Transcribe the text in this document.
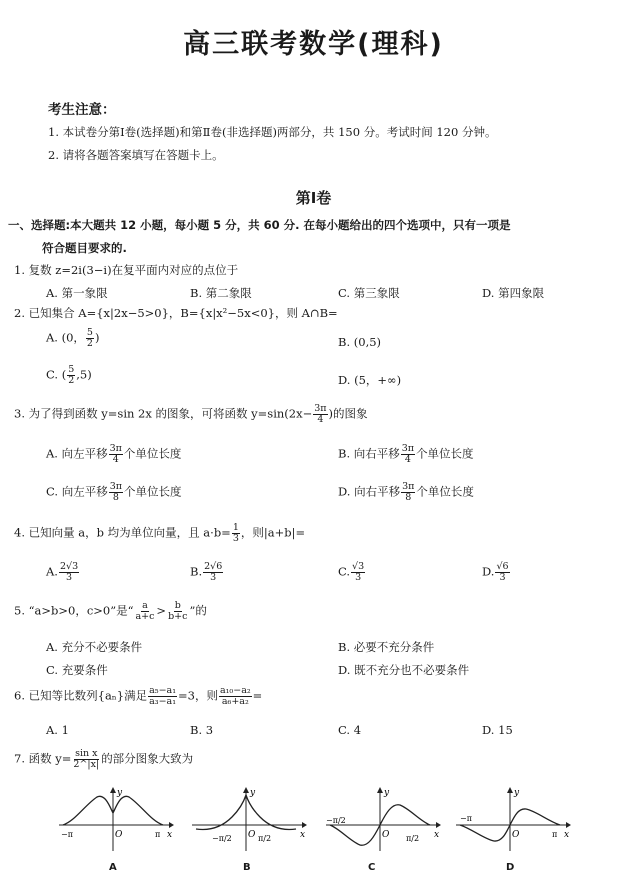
高三联考数学(理科)
考生注意：
1. 本试卷分第Ⅰ卷(选择题)和第Ⅱ卷(非选择题)两部分，共 150 分。考试时间 120 分钟。
2. 请将各题答案填写在答题卡上。
第Ⅰ卷
一、选择题:本大题共 12 小题，每小题 5 分，共 60 分. 在每小题给出的四个选项中，只有一项是
符合题目要求的.
1. 复数 z=2i(3−i)在复平面内对应的点位于
A. 第一象限	B. 第二象限	C. 第三象限	D. 第四象限
2. 已知集合 A={x|2x−5>0}，B={x|x²−5x<0}，则 A∩B=
A. (0， $\frac{5}{2}$ )	B. (0,5)
C. ( $\frac{5}{2} ,5$)	D. (5，+∞)
3. 为了得到函数 y=sin 2x 的图象，可将函数 $y=\sin(2x- \frac{3\pi}{4}$ )的图象
A. 向左平移 $\frac{3\pi}{4}$ 个单位长度	B. 向右平移 $\frac{3\pi}{4}$ 个单位长度
C. 向左平移 $\frac{3\pi}{8}$ 个单位长度	D. 向右平移 $\frac{3\pi}{8}$ 个单位长度
4. 已知向量 a，b 均为单位向量，且 $a\cdot b= \frac{1}{3}$ ，则|a+b|=
A. $\frac{2√3}{3}$	B. $\frac{2√6}{3}$	C. $\frac{√3}{3}$	D. $\frac{√6}{3}$
5. “a>b>0，c>0”是“ $\frac{a}{a+c} > \frac{b}{b+c}$ ”的
A. 充分不必要条件	B. 必要不充分条件
C. 充要条件	D. 既不充分也不必要条件
6. 已知等比数列{aₙ}满足 $\frac{\text{a₅−a₁}}{\text{a₃−a₁}} =3$，则 $\frac{\text{a₁₀−a₂}}{\text{a₆+a₂}}$ =
A. 1	B. 3	C. 4	D. 15
7. 函数 $y= \frac{\text{sin x}}{2\^{}|x|}$ 的部分图象大致为
y
x
O
−π	π
A
y
x
O
−π/2	π/2
B
y
x
O
−π/2
π/2
C
y
x
O
−π
π
D
